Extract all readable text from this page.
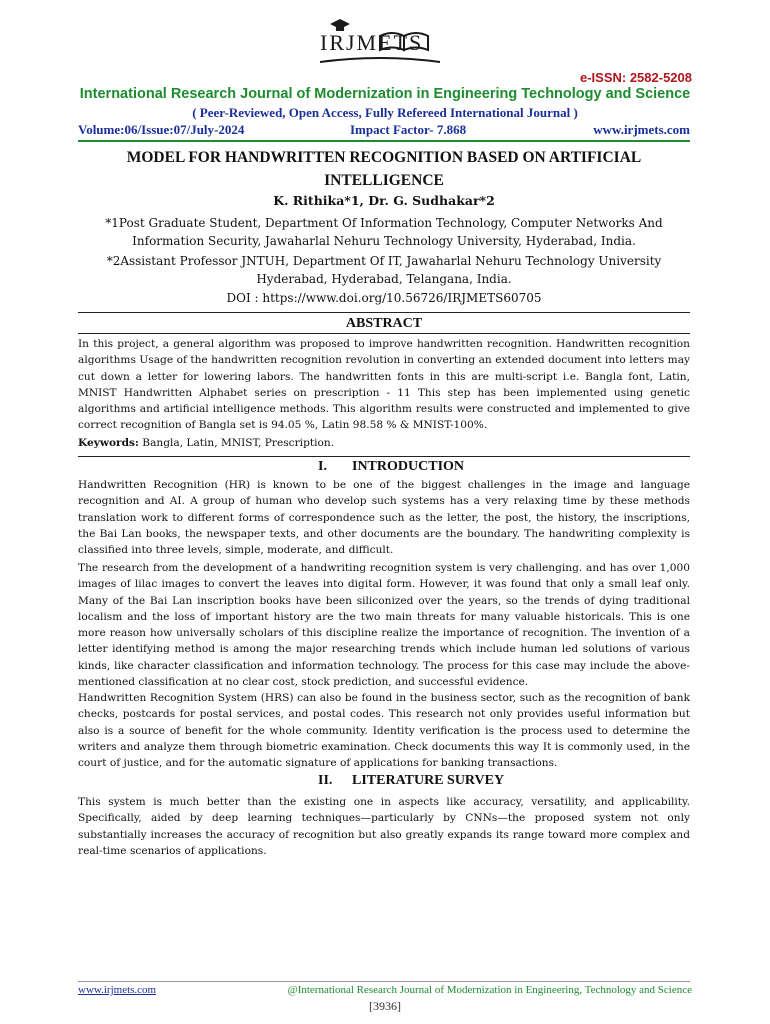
IRJMETS
e-ISSN: 2582-5208
International Research Journal of Modernization in Engineering Technology and Science
( Peer-Reviewed, Open Access, Fully Refereed International Journal )
Volume:06/Issue:07/July-2024	Impact Factor- 7.868	www.irjmets.com
MODEL FOR HANDWRITTEN RECOGNITION BASED ON ARTIFICIAL
INTELLIGENCE
K. Rithika*1, Dr. G. Sudhakar*2
*1Post Graduate Student, Department Of Information Technology, Computer Networks And
Information Security, Jawaharlal Nehuru Technology University, Hyderabad, India.
*2Assistant Professor JNTUH, Department Of IT, Jawaharlal Nehuru Technology University
Hyderabad, Hyderabad, Telangana, India.
DOI : https://www.doi.org/10.56726/IRJMETS60705
ABSTRACT
In this project, a general algorithm was proposed to improve handwritten recognition. Handwritten recognition algorithms Usage of the handwritten recognition revolution in converting an extended document into letters may cut down a letter for lowering labors. The handwritten fonts in this are multi-script i.e. Bangla font, Latin, MNIST Handwritten Alphabet series on prescription - 11 This step has been implemented using genetic algorithms and artificial intelligence methods. This algorithm results were constructed and implemented to give correct recognition of Bangla set is 94.05 %, Latin 98.58 % & MNIST-100%.
Keywords: Bangla, Latin, MNIST, Prescription.
I. INTRODUCTION
Handwritten Recognition (HR) is known to be one of the biggest challenges in the image and language recognition and AI. A group of human who develop such systems has a very relaxing time by these methods translation work to different forms of correspondence such as the letter, the post, the history, the inscriptions, the Bai Lan books, the newspaper texts, and other documents are the boundary. The handwriting complexity is classified into three levels, simple, moderate, and difficult.
The research from the development of a handwriting recognition system is very challenging. and has over 1,000 images of lilac images to convert the leaves into digital form. However, it was found that only a small leaf only. Many of the Bai Lan inscription books have been siliconized over the years, so the trends of dying traditional localism and the loss of important history are the two main threats for many valuable historicals. This is one more reason how universally scholars of this discipline realize the importance of recognition. The invention of a letter identifying method is among the major researching trends which include human led solutions of various kinds, like character classification and information technology. The process for this case may include the above-mentioned classification at no clear cost, stock prediction, and successful evidence.
Handwritten Recognition System (HRS) can also be found in the business sector, such as the recognition of bank checks, postcards for postal services, and postal codes. This research not only provides useful information but also is a source of benefit for the whole community. Identity verification is the process used to determine the writers and analyze them through biometric examination. Check documents this way It is commonly used, in the court of justice, and for the automatic signature of applications for banking transactions.
II. LITERATURE SURVEY
This system is much better than the existing one in aspects like accuracy, versatility, and applicability. Specifically, aided by deep learning techniques—particularly by CNNs—the proposed system not only substantially increases the accuracy of recognition but also greatly expands its range toward more complex and real-time scenarios of applications.
www.irjmets.com	@International Research Journal of Modernization in Engineering, Technology and Science
[3936]
